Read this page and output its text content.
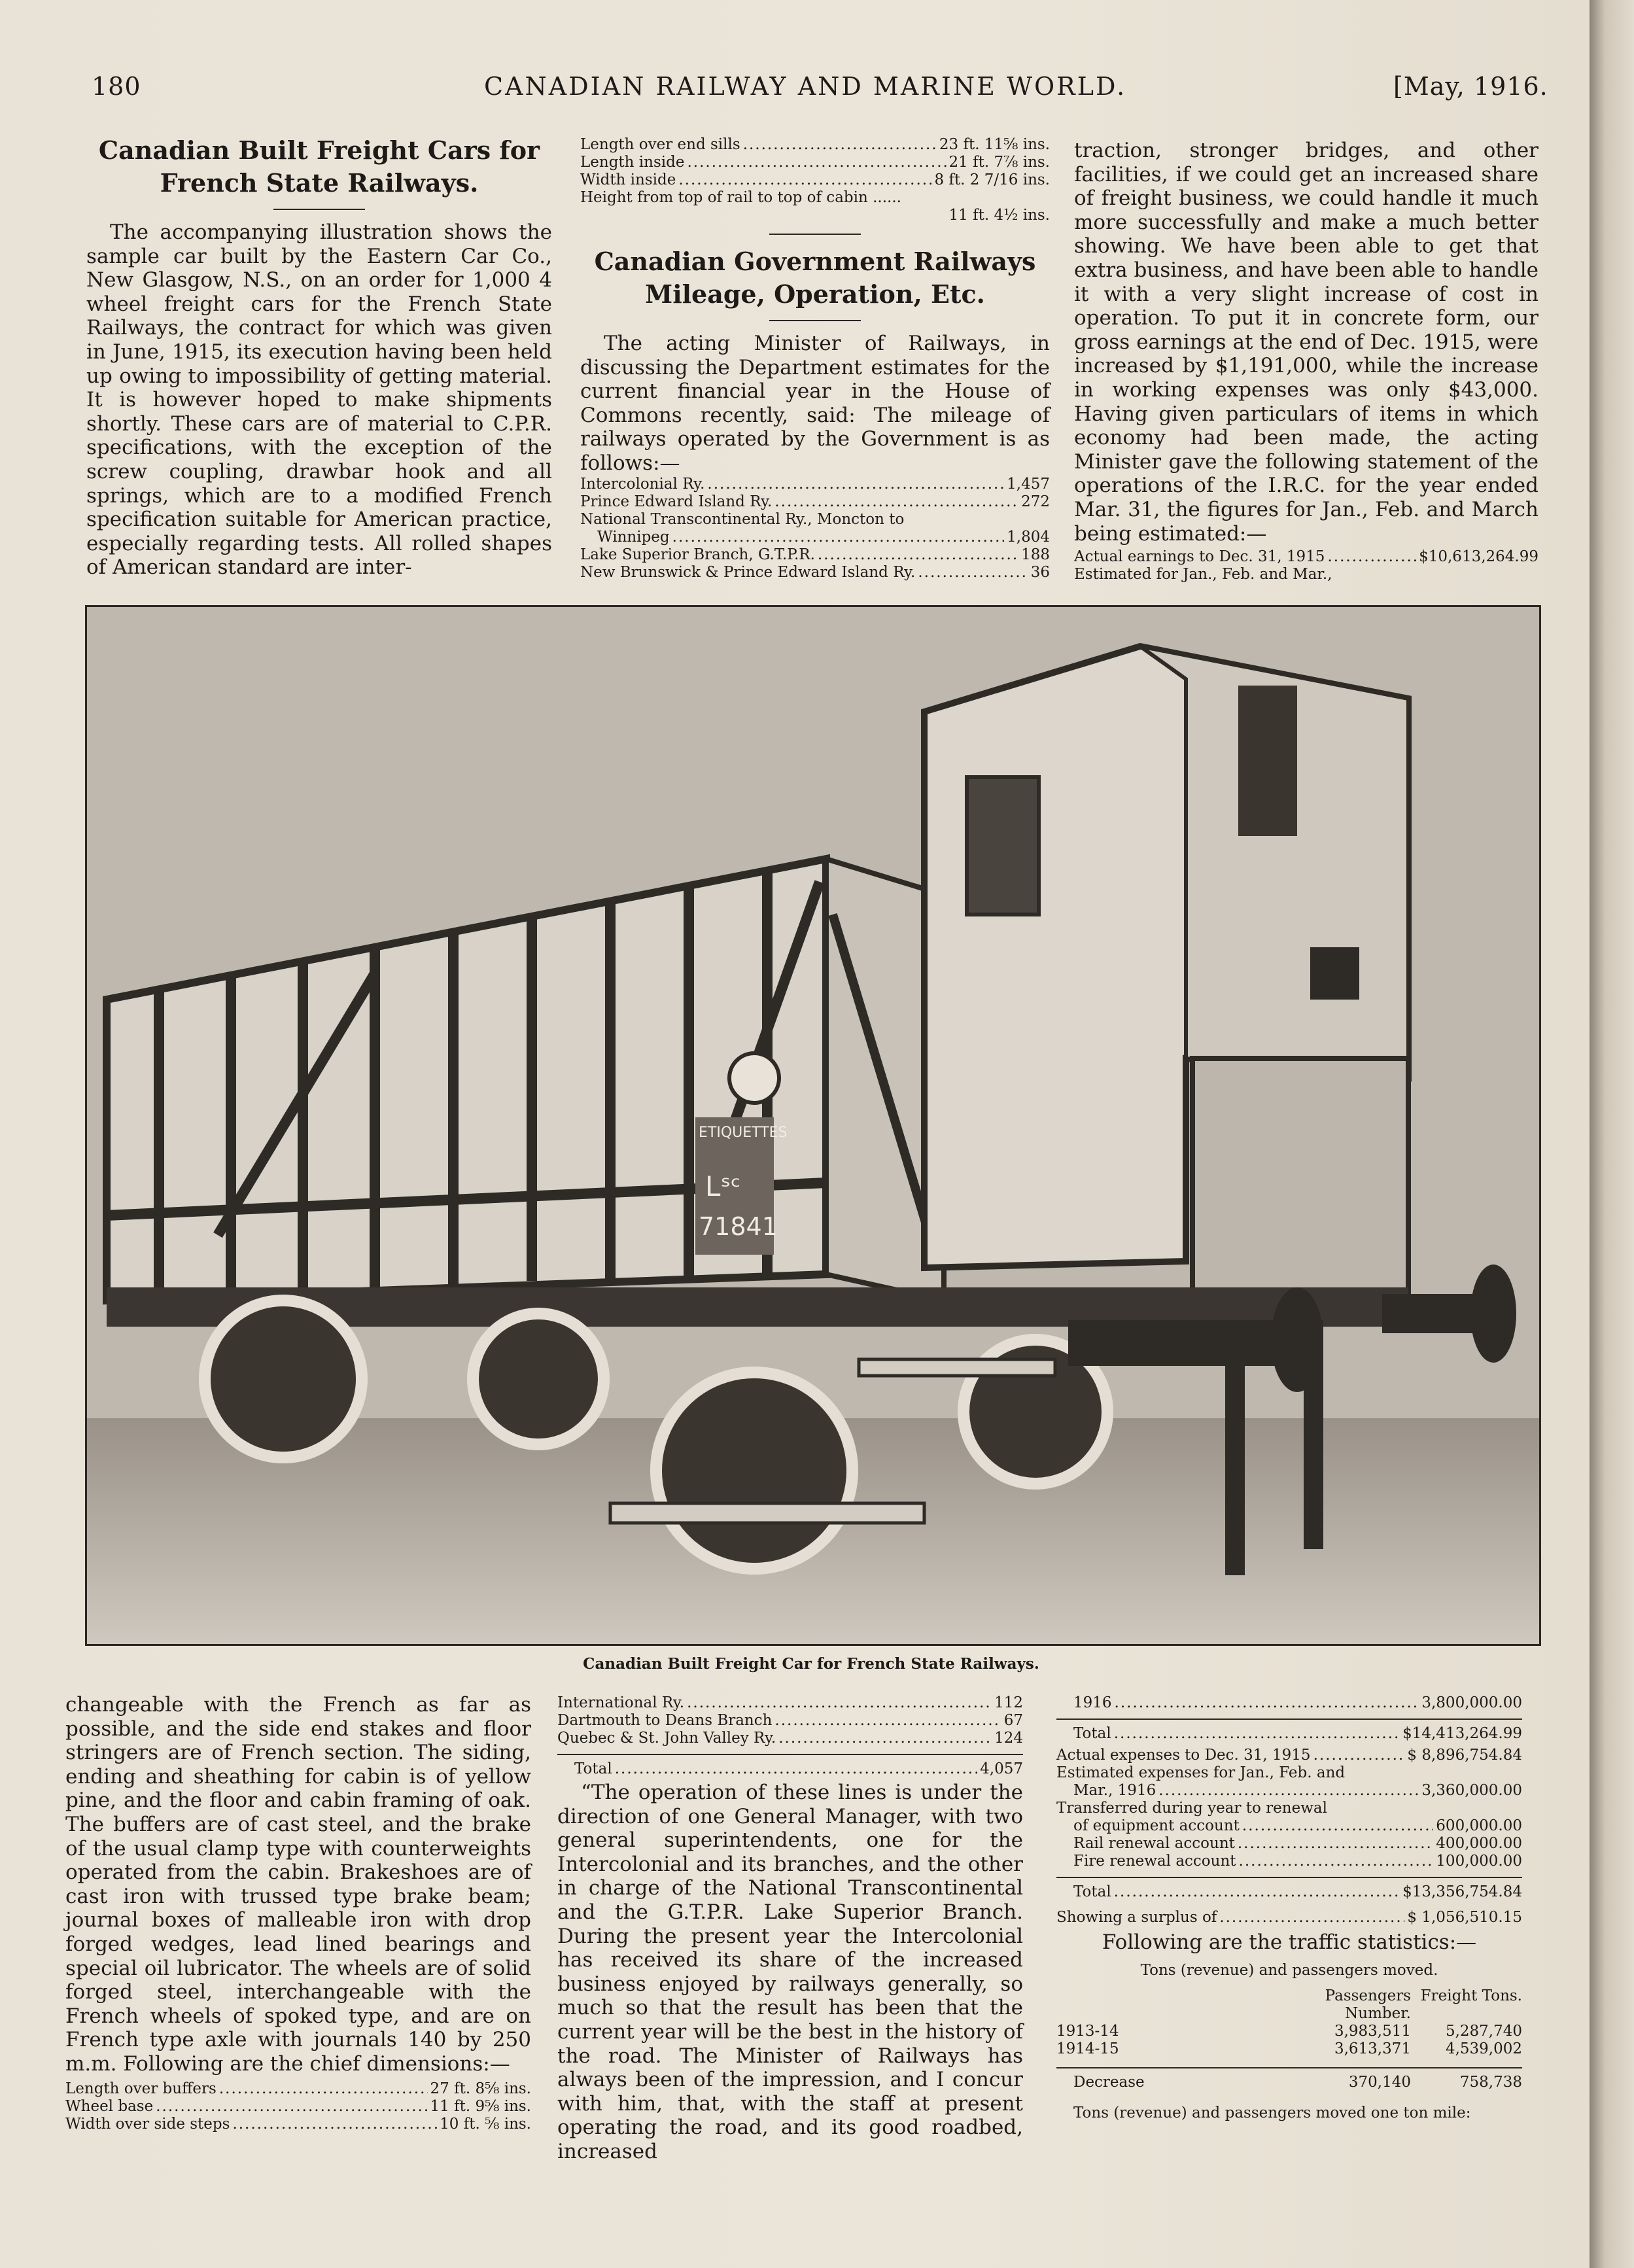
180	CANADIAN RAILWAY AND MARINE WORLD.	[May, 1916.
Canadian Built Freight Cars for French State Railways.

The accompanying illustration shows the sample car built by the Eastern Car Co., New Glasgow, N.S., on an order for 1,000 4 wheel freight cars for the French State Railways, the contract for which was given in June, 1915, its execution having been held up owing to impossibility of getting material. It is however hoped to make shipments shortly. These cars are of material to C.P.R. specifications, with the exception of the screw coupling, drawbar hook and all springs, which are to a modified French specification suitable for American practice, especially regarding tests. All rolled shapes of American standard are inter-

Length over end sills .....	23 ft. 11⅝ ins.
Length inside .....	21 ft. 7⅞ ins.
Width inside .....	8 ft. 2 7/16 ins.
Height from top of rail to top of cabin ......
11 ft. 4½ ins.
Canadian Government Railways Mileage, Operation, Etc.

The acting Minister of Railways, in discussing the Department estimates for the current financial year in the House of Commons recently, said: The mileage of railways operated by the Government is as follows:—

Intercolonial Ry. .....	1,457
Prince Edward Island Ry. .....	272
National Transcontinental Ry., Moncton to
Winnipeg .....	1,804
Lake Superior Branch, G.T.P.R. .....	188
New Brunswick & Prince Edward Island Ry. .....	36

traction, stronger bridges, and other facilities, if we could get an increased share of freight business, we could handle it much more successfully and make a much better showing. We have been able to get that extra business, and have been able to handle it with a very slight increase of cost in operation. To put it in concrete form, our gross earnings at the end of Dec. 1915, were increased by $1,191,000, while the increase in working expenses was only $43,000. Having given particulars of items in which economy had been made, the acting Minister gave the following statement of the operations of the I.R.C. for the year ended Mar. 31, the figures for Jan., Feb. and March being estimated:—

Actual earnings to Dec. 31, 1915 .....	$10,613,264.99
Estimated for Jan., Feb. and Mar.,
ETIQUETTES
Lˢᶜ
71841
Canadian Built Freight Car for French State Railways.

changeable with the French as far as possible, and the side end stakes and floor stringers are of French section. The siding, ending and sheathing for cabin is of yellow pine, and the floor and cabin framing of oak. The buffers are of cast steel, and the brake of the usual clamp type with counterweights operated from the cabin. Brakeshoes are of cast iron with trussed type brake beam; journal boxes of malleable iron with drop forged wedges, lead lined bearings and special oil lubricator. The wheels are of solid forged steel, interchangeable with the French wheels of spoked type, and are on French type axle with journals 140 by 250 m.m. Following are the chief dimensions:—

Length over buffers .....	27 ft. 8⅝ ins.
Wheel base .....	11 ft. 9⅝ ins.
Width over side steps .....	10 ft. ⅝ ins.
International Ry. .....	112
Dartmouth to Deans Branch .....	67
Quebec & St. John Valley Ry. .....	124
Total .....	4,057

“The operation of these lines is under the direction of one General Manager, with two general superintendents, one for the Intercolonial and its branches, and the other in charge of the National Transcontinental and the G.T.P.R. Lake Superior Branch. During the present year the Intercolonial has received its share of the increased business enjoyed by railways generally, so much so that the result has been that the current year will be the best in the history of the road. The Minister of Railways has always been of the impression, and I concur with him, that, with the staff at present operating the road, and its good roadbed, increased

1916 .....	3,800,000.00
Total .....	$14,413,264.99
Actual expenses to Dec. 31, 1915 .....	$ 8,896,754.84
Estimated expenses for Jan., Feb. and
Mar., 1916 .....	3,360,000.00
Transferred during year to renewal
of equipment account .....	600,000.00
Rail renewal account .....	400,000.00
Fire renewal account .....	100,000.00
Total .....	$13,356,754.84
Showing a surplus of .....	$ 1,056,510.15
Following are the traffic statistics:—
Tons (revenue) and passengers moved.
Passengers Number.
Freight Tons.
1913-14	3,983,511	5,287,740
1914-15	3,613,371	4,539,002
Decrease	370,140	758,738
Tons (revenue) and passengers moved one ton mile:
